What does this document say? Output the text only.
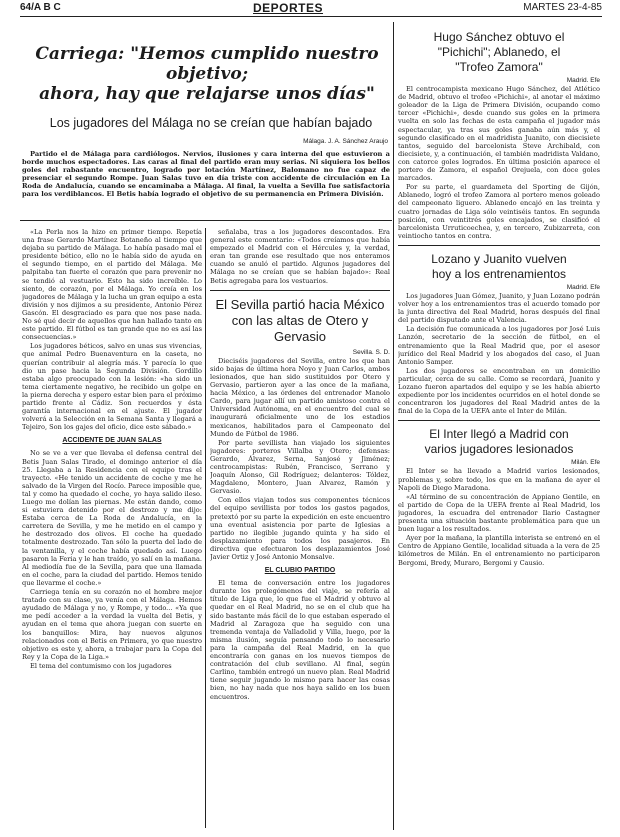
64/A B C	DEPORTES	MARTES 23-4-85
Carriega: "Hemos cumplido nuestro objetivo;
ahora, hay que relajarse unos días"
Los jugadores del Málaga no se creían que habían bajado
Málaga. J. A. Sánchez Araujo

Partido el de Málaga para cardiólogos. Nervios, ilusiones y cara interna del que estuvieron a borde muchos espectadores. Las caras al final del partido eran muy serias. Ni siquiera los bellos goles del rabastante encuentro, logrado por lotación Martínez, Balomano no fue capaz de presenciar el segundo Rompe. Juan Salas tuvo en día triste con accidente de circulación en La Roda de Andalucía, cuando se encaminaba a Málaga. Al final, la vuelta a Sevilla fue satisfactoria para los verdiblancos. El Betis había logrado el objetivo de su permanencia en Primera División.

«La Perla nos la hizo en primer tiempo. Repetía una frase Gerardo Martínez Botaneño al tiempo que dejaba su partido de Málaga. Lo había pasado mal el presidente bético, ello no le había sido de ayuda en el segundo tiempo, en el partido del Málaga. Me palpitaba tan fuerte el corazón que para prevenir no se tendió al vestuario. Esto ha sido increíble. Lo siento, de corazón, por el Málaga. Yo creía en los jugadores de Málaga y la lucha un gran equipo a esta división y nos dijimos a su presidente, Antonio Pérez Gascón. El desgraciado es para que nos pase nada. No sé qué decir de aquellos que han hallado tanto en este partido. El fútbol es tan grande que no es así las consecuencias.»

Los jugadores béticos, salvo en unas sus vivencias, que animal Pedro Buenaventura en la caseta, no querían contribuir al alegría más. Y parecía lo que dio un pase hacia la Segunda División. Gordillo estaba algo preocupado con la lesión: «ha sido un tema ciertamente negativo, he recibido un golpe en la pierna derecha y espero estar bien para el próximo partido frente al Cádiz. Son recuerdos y ésta garantía internacional en el ajuste. El jugador volverá a la Selección en la Semana Santa y llegará a Tejeiro, Son los gajes del oficio, dice este sábado.»

ACCIDENTE DE JUAN SALAS

No se ve a ver que llevaba el defensa central del Betis Juan Salas Tirado, el domingo anterior el día 25. Llegaba a la Residencia con el equipo tras el trayecto. «He tenido un accidente de coche y me he salvado de la Virgen del Rocío. Parece imposible que, tal y como ha quedado el coche, yo haya salido ileso. Luego me dolían las piernas. Me están dando, como si estuviera detenido por el destrozo y me dijo: Estaba cerca de La Roda de Andalucía, en la carretera de Sevilla, y me he metido en el campo y he destrozado dos olivos. El coche ha quedado totalmente destrozado. Tan sólo la puerta del lado de la ventanilla, y el coche había quedado así. Luego pasaron la Feria y le han traído, yo salí en la mañana. Al mediodía fue de la Sevilla, para que una llamada en el coche, para la ciudad del partido. Hemos tenido que llevarme el coche.»

Carriega tenía en su corazón no el hombre mejor tratado con su clase, ya venía con el Málaga. Hemos ayudado de Málaga y no, y Rompe, y todo... «Ya que me pedí acceder a la verdad la vuelta del Betis, y ayudan en el tema que ahora juegan con suerte en los banquillos: Mira, hay nuevos algunos relacionados con el Betis en Primera, yo que nuestro objetivo es este y, ahora, a trabajar para la Copa del Rey y la Copa de la Liga.»

El tema del contumismo con los jugadores

señalaba, tras a los jugadores descontados. Era general este comentario: «Todos creíamos que había empezado el Madrid con el Hércules y, la verdad, eran tan grande ese resultado que nos enteramos cuando se anuló el partido. Algunos jugadores del Málaga no se creían que se habían bajado»: Real Betis agregaba para los vestuarios.

El Sevilla partió hacia México con las altas de Otero y Gervasio
Sevilla. S. D.

Dieciséis jugadores del Sevilla, entre los que han sido bajas de última hora Noyo y Juan Carlos, ambos lesionados, que han sido sustituidos por Otero y Gervasio, partieron ayer a las once de la mañana, hacia México, a las órdenes del entrenador Manolo Cardo, para jugar allí un partido amistoso contra el Universidad Autónoma, en el encuentro del cual se inaugurará oficialmente uno de los estadios mexicanos, habilitados para el Campeonato del Mundo de Fútbol de 1986.

Por parte sevillista han viajado los siguientes jugadores: porteros Villalba y Otero; defensas: Gerardo, Álvarez, Serna, Sanjosé y Jiménez; centrocampistas: Rubén, Francisco, Serrano y Joaquín Alonso, Gil Rodríguez; delanteros: Tóldez, Magdaleno, Montero, Juan Alvarez, Ramón y Gervasio.

Con ellos viajan todos sus componentes técnicos del equipo sevillista por todos los gastos pagados, pretextó por su parte la expedición en este encuentro una eventual asistencia por parte de Iglesias a partido no ilegible jugando quinta y ha sido el desplazamiento para todos los pasajeros. En directiva que efectuaron los desplazamientos José Javier Ortiz y José Antonio Monsalve.

EL CLUBIO PARTIDO

El tema de conversación entre los jugadores durante los prolegómenos del viaje, se refería al título de Liga que, lo que fue el Madrid y obtuvo al quedar en el Real Madrid, no se en el club que ha sido bastante más fácil de lo que estaban esperado el Madrid al Zaragoza que ha seguido con una tremenda ventaja de Valladolid y Villa, luego, por la misma ilusión, seguía pensando todo lo necesario para la campaña del Real Madrid, en la que encontraría con ganas en los nuevos tiempos de contratación del club sevillano. Al final, según Carlino, también entregó un nuevo plan. Real Madrid tiene seguir jugando lo mismo para hacer las cosas bien, no hay nada que nos haya salido en los buen encuentros.

Hugo Sánchez obtuvo el
"Pichichi"; Ablanedo, el
"Trofeo Zamora"
Madrid. Efe

El centrocampista mexicano Hugo Sánchez, del Atlético de Madrid, obtuvo el trofeo «Pichichi», al anotar el máximo goleador de la Liga de Primera División, ocupando como tercer «Pichichi», desde cuando sus goles en la primera vuelta en solo las fechas de esta campaña el jugador más espectacular, ya tras sus goles ganaba aún más y, el segundo clasificado en el madridista Juanito, con diecisiete tantos, seguido del barcelonista Steve Archibald, con diecisiete, y, a continuación, el también madridista Valdano, con catorce goles logrados. En última posición aparece el portero de Zamora, el español Orejuela, con doce goles marcados.

Por su parte, el guardameta del Sporting de Gijón, Ablanedo, logró el trofeo Zamora al portero menos goleado del campeonato liguero. Ablanedo encajó en las treinta y cuatro jornadas de Liga sólo veintiséis tantos. En segunda posición, con veintitrés goles encajados, se clasificó el barcelonista Urruticoechea, y, en tercero, Zubizarreta, con veintiocho tantos en contra.

Lozano y Juanito vuelven
hoy a los entrenamientos
Madrid. Efe

Los jugadores Juan Gómez, Juanito, y Juan Lozano podrán volver hoy a los entrenamientos tras el acuerdo tomado por la junta directiva del Real Madrid, horas después del final del partido disputado ante el Valencia.

La decisión fue comunicada a los jugadores por José Luis Lanzón, secretario de la sección de fútbol, en el entrenamiento que la Real Madrid que, por el asesor jurídico del Real Madrid y los abogados del caso, el Juan Antonio Samper.

Los dos jugadores se encontraban en un domicilio particular, cerca de su calle. Como se recordará, Juanito y Lozano fueron apartados del equipo y se les había abierto expediente por los incidentes ocurridos en el hotel donde se concentraron los jugadores del Real Madrid antes de la final de la Copa de la UEFA ante el Inter de Milán.

El Inter llegó a Madrid con
varios jugadores lesionados
Milán. Efe

El Inter se ha llevado a Madrid varios lesionados, problemas y, sobre todo, los que en la mañana de ayer el Napoli de Diego Maradona.

«Al término de su concentración de Appiano Gentile, en el partido de Copa de la UEFA frente al Real Madrid, los jugadores, la escuadra del entrenador Ilario Castagner presenta una situación bastante problemática para que un buen lugar a los resultados.

Ayer por la mañana, la plantilla interista se entrenó en el Centro de Appiano Gentile, localidad situada a la vera de 25 kilómetros de Milán. En el entrenamiento no participaron Bergomi, Bredy, Muraro, Bergomi y Causio.
